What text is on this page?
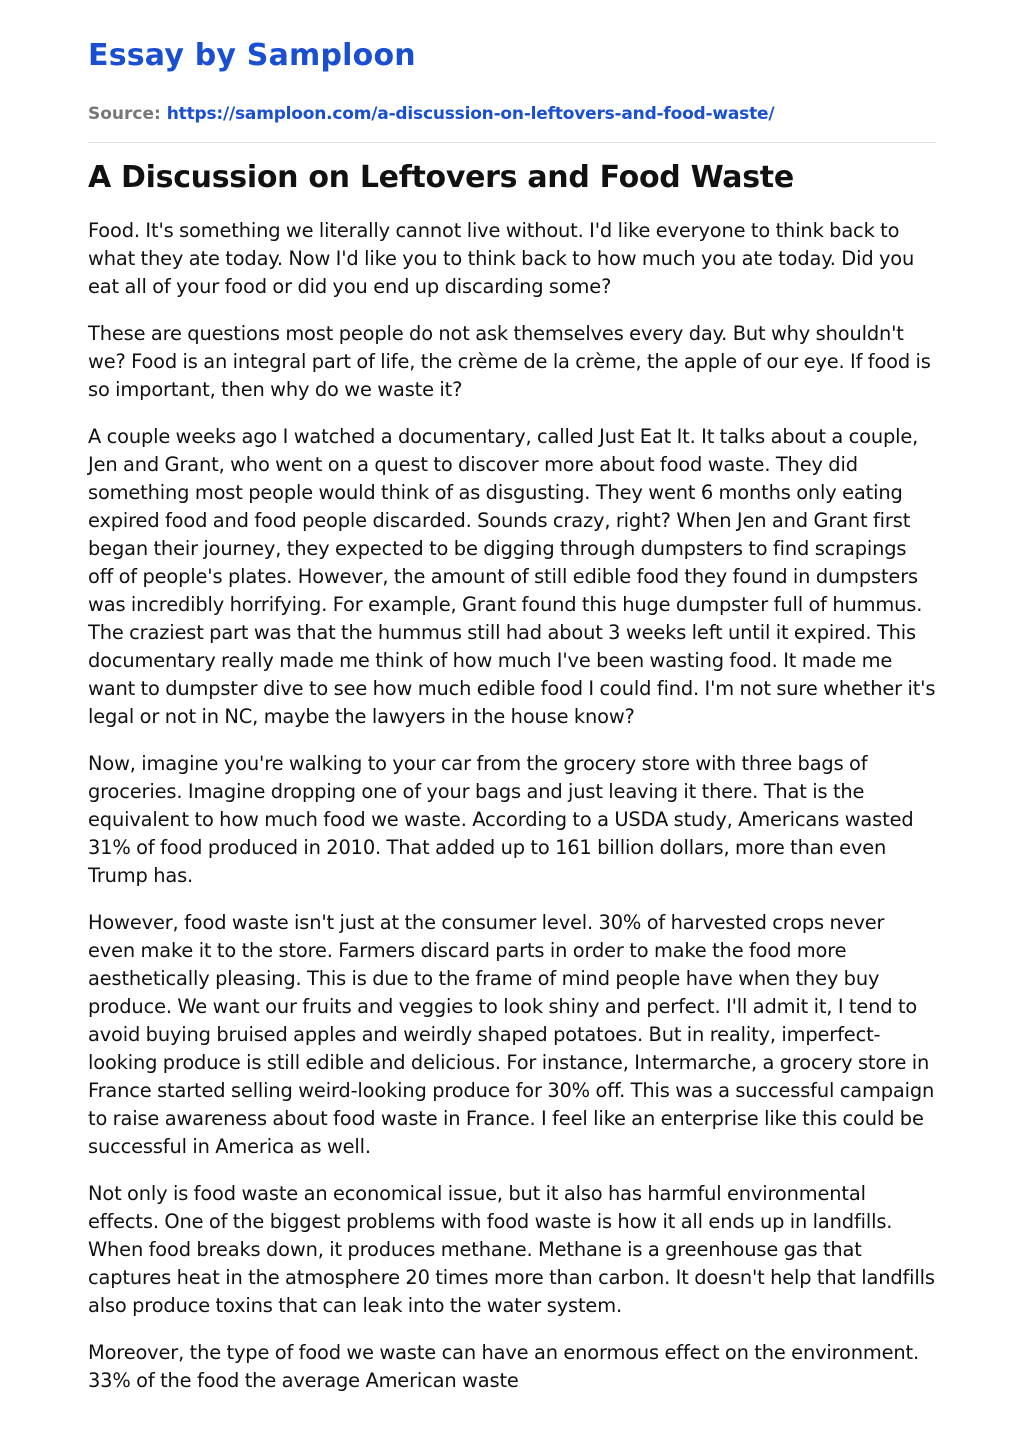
Essay by Samploon
Source: https://samploon.com/a-discussion-on-leftovers-and-food-waste/
A Discussion on Leftovers and Food Waste

Food. It's something we literally cannot live without. I'd like everyone to think back to what they ate today. Now I'd like you to think back to how much you ate today. Did you eat all of your food or did you end up discarding some?

These are questions most people do not ask themselves every day. But why shouldn't we? Food is an integral part of life, the crème de la crème, the apple of our eye. If food is so important, then why do we waste it?

A couple weeks ago I watched a documentary, called Just Eat It. It talks about a couple, Jen and Grant, who went on a quest to discover more about food waste. They did something most people would think of as disgusting. They went 6 months only eating expired food and food people discarded. Sounds crazy, right? When Jen and Grant first began their journey, they expected to be digging through dumpsters to find scrapings off of people's plates. However, the amount of still edible food they found in dumpsters was incredibly horrifying. For example, Grant found this huge dumpster full of hummus. The craziest part was that the hummus still had about 3 weeks left until it expired. This documentary really made me think of how much I've been wasting food. It made me want to dumpster dive to see how much edible food I could find. I'm not sure whether it's legal or not in NC, maybe the lawyers in the house know?

Now, imagine you're walking to your car from the grocery store with three bags of groceries. Imagine dropping one of your bags and just leaving it there. That is the equivalent to how much food we waste. According to a USDA study, Americans wasted 31% of food produced in 2010. That added up to 161 billion dollars, more than even Trump has.

However, food waste isn't just at the consumer level. 30% of harvested crops never even make it to the store. Farmers discard parts in order to make the food more aesthetically pleasing. This is due to the frame of mind people have when they buy produce. We want our fruits and veggies to look shiny and perfect. I'll admit it, I tend to avoid buying bruised apples and weirdly shaped potatoes. But in reality, imperfect-looking produce is still edible and delicious. For instance, Intermarche, a grocery store in France started selling weird-looking produce for 30% off. This was a successful campaign to raise awareness about food waste in France. I feel like an enterprise like this could be successful in America as well.

Not only is food waste an economical issue, but it also has harmful environmental effects. One of the biggest problems with food waste is how it all ends up in landfills. When food breaks down, it produces methane. Methane is a greenhouse gas that captures heat in the atmosphere 20 times more than carbon. It doesn't help that landfills also produce toxins that can leak into the water system.

Moreover, the type of food we waste can have an enormous effect on the environment. 33% of the food the average American waste
